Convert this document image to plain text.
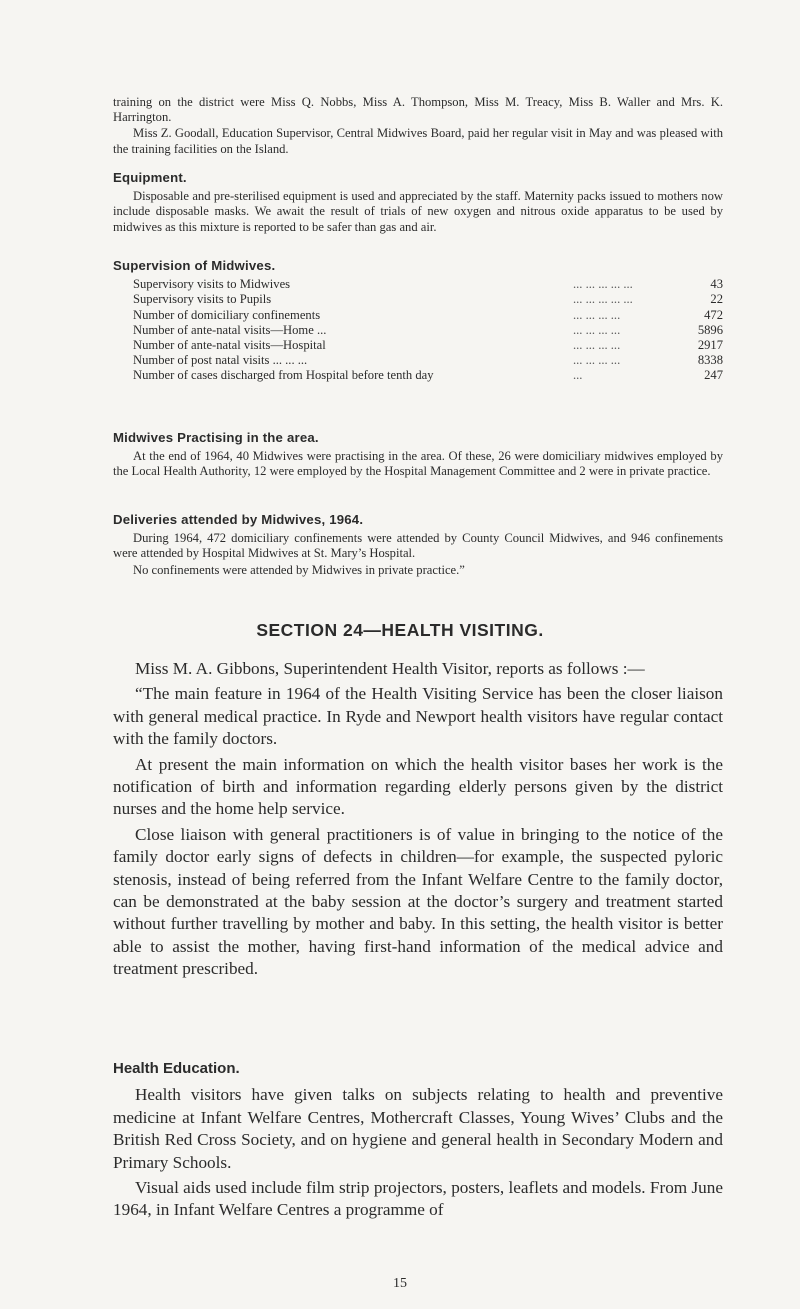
training on the district were Miss Q. Nobbs, Miss A. Thompson, Miss M. Treacy, Miss B. Waller and Mrs. K. Harrington.

Miss Z. Goodall, Education Supervisor, Central Midwives Board, paid her regular visit in May and was pleased with the training facilities on the Island.

Equipment.

Disposable and pre-sterilised equipment is used and appreciated by the staff. Maternity packs issued to mothers now include disposable masks. We await the result of trials of new oxygen and nitrous oxide apparatus to be used by midwives as this mixture is reported to be safer than gas and air.

Supervision of Midwives.
Supervisory visits to Midwives	... ... ... ... ...	43
Supervisory visits to Pupils	... ... ... ... ...	22
Number of domiciliary confinements	... ... ... ...	472
Number of ante-natal visits—Home ...	... ... ... ...	5896
Number of ante-natal visits—Hospital	... ... ... ...	2917
Number of post natal visits ... ... ...	... ... ... ...	8338
Number of cases discharged from Hospital before tenth day	...	247
Midwives Practising in the area.

At the end of 1964, 40 Midwives were practising in the area. Of these, 26 were domiciliary midwives employed by the Local Health Authority, 12 were employed by the Hospital Management Committee and 2 were in private practice.

Deliveries attended by Midwives, 1964.

During 1964, 472 domiciliary confinements were attended by County Council Midwives, and 946 confinements were attended by Hospital Midwives at St. Mary’s Hospital.

No confinements were attended by Midwives in private practice.”

SECTION 24—HEALTH VISITING.

Miss M. A. Gibbons, Superintendent Health Visitor, reports as follows :—

“The main feature in 1964 of the Health Visiting Service has been the closer liaison with general medical practice. In Ryde and Newport health visitors have regular contact with the family doctors.

At present the main information on which the health visitor bases her work is the notification of birth and information regarding elderly persons given by the district nurses and the home help service.

Close liaison with general practitioners is of value in bringing to the notice of the family doctor early signs of defects in children—for example, the suspected pyloric stenosis, instead of being referred from the Infant Welfare Centre to the family doctor, can be demonstrated at the baby session at the doctor’s surgery and treatment started without further travelling by mother and baby. In this setting, the health visitor is better able to assist the mother, having first-hand information of the medical advice and treatment prescribed.

Health Education.

Health visitors have given talks on subjects relating to health and preventive medicine at Infant Welfare Centres, Mothercraft Classes, Young Wives’ Clubs and the British Red Cross Society, and on hygiene and general health in Secondary Modern and Primary Schools.

Visual aids used include film strip projectors, posters, leaflets and models. From June 1964, in Infant Welfare Centres a programme of

15
